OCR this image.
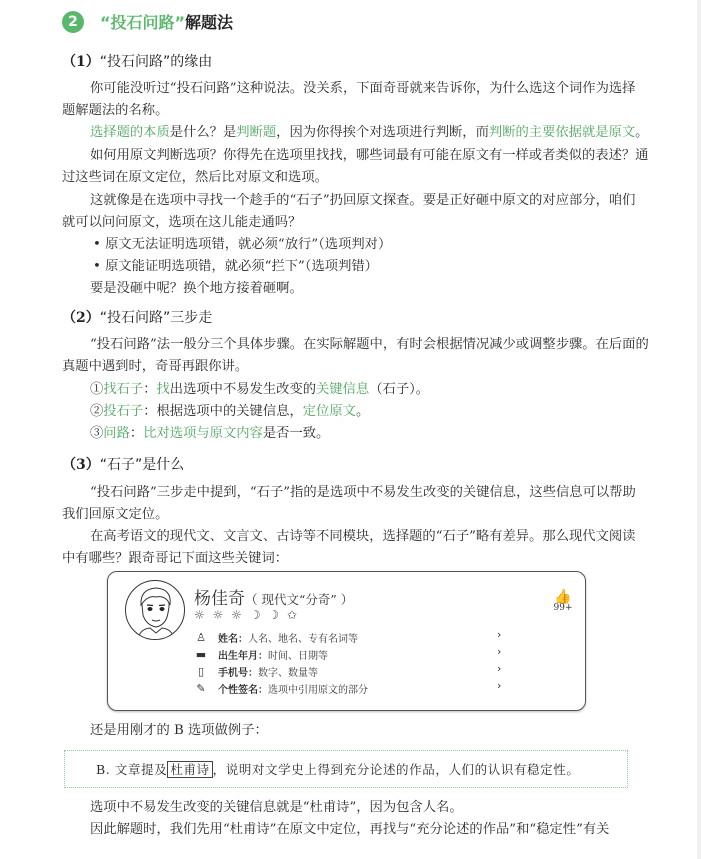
2	“投石问路”解题法
（1）“投石问路”的缘由
你可能没听过“投石问路”这种说法。没关系，下面奇哥就来告诉你，为什么选这个词作为选择
题解题法的名称。
选择题的本质是什么？是判断题，因为你得挨个对选项进行判断，而判断的主要依据就是原文。
如何用原文判断选项？你得先在选项里找找，哪些词最有可能在原文有一样或者类似的表述？通
过这些词在原文定位，然后比对原文和选项。
这就像是在选项中寻找一个趁手的“石子”扔回原文探查。要是正好砸中原文的对应部分，咱们
就可以问问原文，选项在这儿能走通吗？
• 原文无法证明选项错，就必须“放行”（选项判对）
• 原文能证明选项错，就必须“拦下”（选项判错）
要是没砸中呢？换个地方接着砸啊。
（2）“投石问路”三步走
“投石问路”法一般分三个具体步骤。在实际解题中，有时会根据情况减少或调整步骤。在后面的
真题中遇到时，奇哥再跟你讲。
①找石子：找出选项中不易发生改变的关键信息（石子）。
②投石子：根据选项中的关键信息，定位原文。
③问路：比对选项与原文内容是否一致。
（3）“石子”是什么
“投石问路”三步走中提到，“石子”指的是选项中不易发生改变的关键信息，这些信息可以帮助
我们回原文定位。
在高考语文的现代文、文言文、古诗等不同模块，选择题的“石子”略有差异。那么现代文阅读
中有哪些？跟奇哥记下面这些关键词：
杨佳奇（ 现代文“分奇” ）
☼ ☼ ☼ ☽ ☽ ✩
👍
99+
♙ 姓名： 人名、地名、专有名词等	›
▬ 出生年月： 时间、日期等	›
▯	手机号： 数字、数量等	›
✎ 个性签名： 选项中引用原文的部分	›
还是用刚才的 B 选项做例子：
B. 文章提及 杜甫诗 ，说明对文学史上得到充分论述的作品，人们的认识有稳定性。
选项中不易发生改变的关键信息就是“杜甫诗”，因为包含人名。
因此解题时，我们先用“杜甫诗”在原文中定位，再找与“充分论述的作品”和“稳定性”有关
